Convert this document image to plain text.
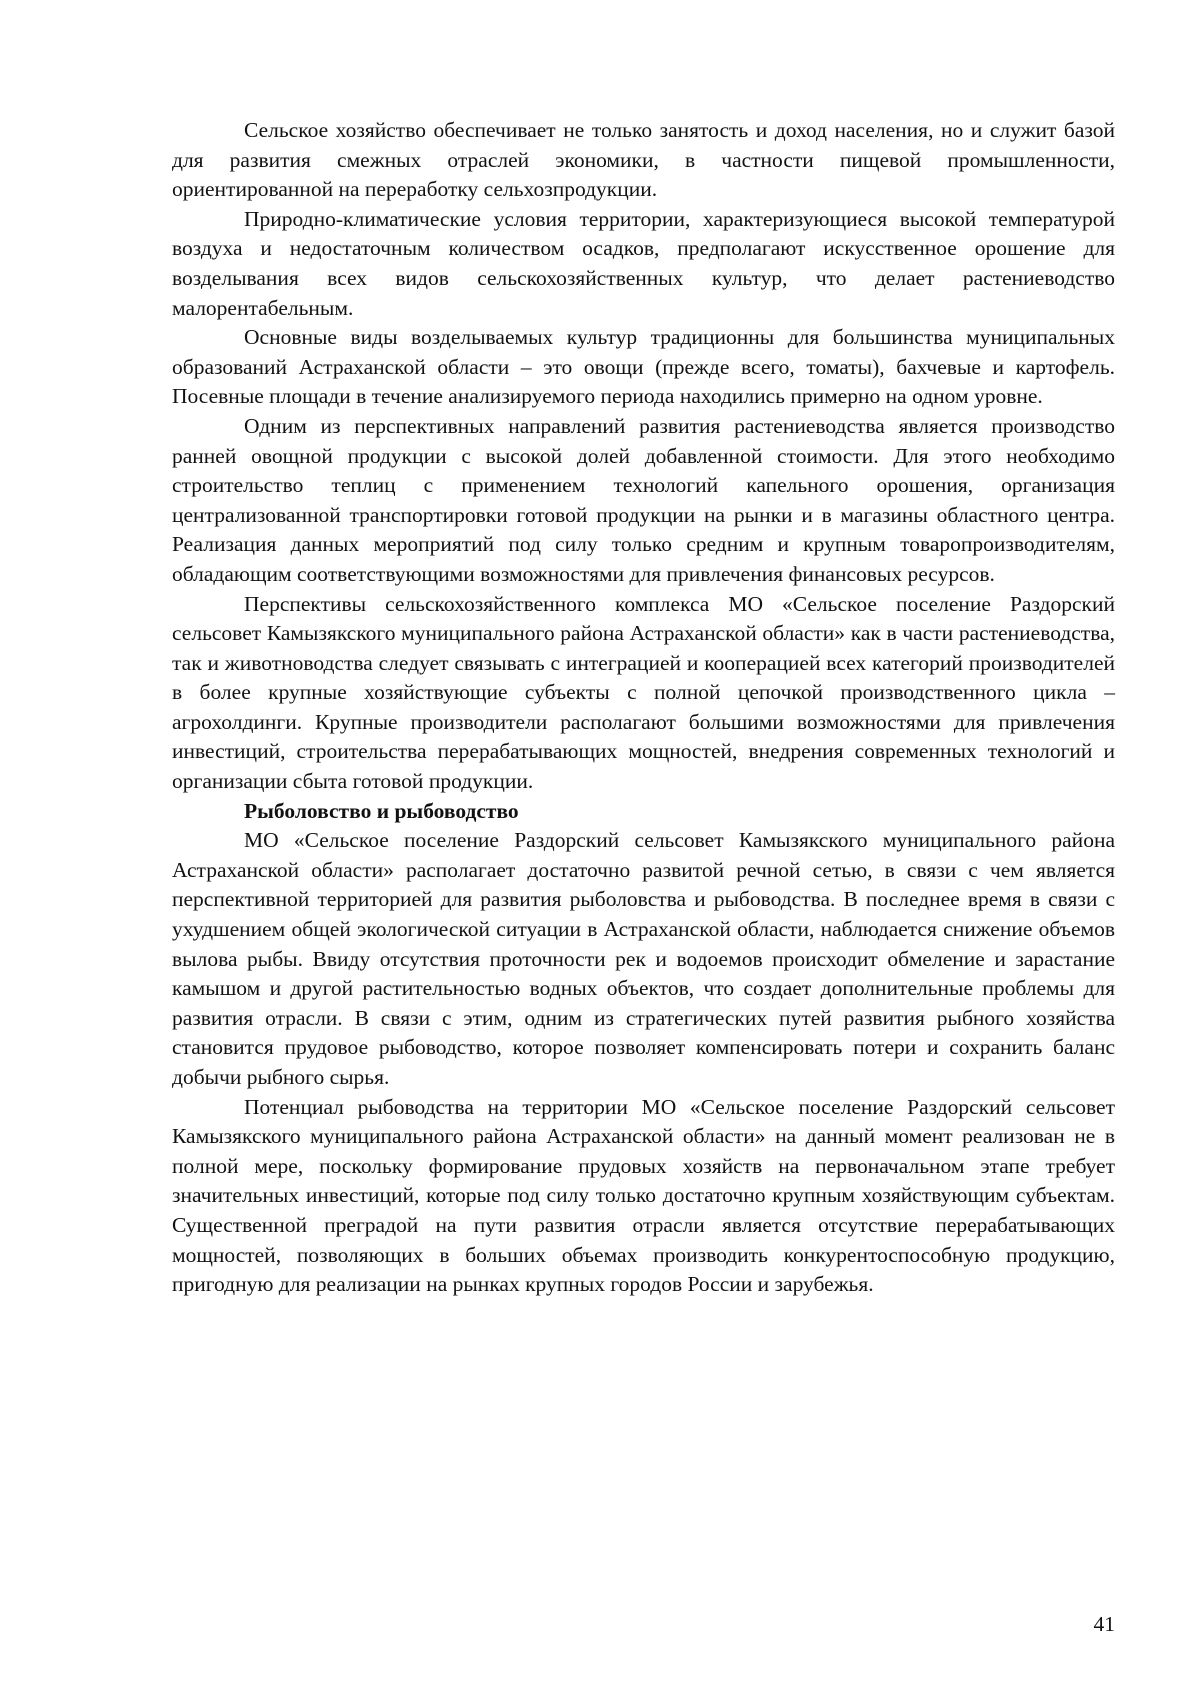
Сельское хозяйство обеспечивает не только занятость и доход населения, но и служит базой для развития смежных отраслей экономики, в частности пищевой промышленности, ориентированной на переработку сельхозпродукции.

Природно-климатические условия территории, характеризующиеся высокой температурой воздуха и недостаточным количеством осадков, предполагают искусственное орошение для возделывания всех видов сельскохозяйственных культур, что делает растениеводство малорентабельным.

Основные виды возделываемых культур традиционны для большинства муниципальных образований Астраханской области – это овощи (прежде всего, томаты), бахчевые и картофель. Посевные площади в течение анализируемого периода находились примерно на одном уровне.

Одним из перспективных направлений развития растениеводства является производство ранней овощной продукции с высокой долей добавленной стоимости. Для этого необходимо строительство теплиц с применением технологий капельного орошения, организация централизованной транспортировки готовой продукции на рынки и в магазины областного центра. Реализация данных мероприятий под силу только средним и крупным товаропроизводителям, обладающим соответствующими возможностями для привлечения финансовых ресурсов.

Перспективы сельскохозяйственного комплекса МО «Сельское поселение Раздорский сельсовет Камызякского муниципального района Астраханской области» как в части растениеводства, так и животноводства следует связывать с интеграцией и кооперацией всех категорий производителей в более крупные хозяйствующие субъекты с полной цепочкой производственного цикла – агрохолдинги. Крупные производители располагают большими возможностями для привлечения инвестиций, строительства перерабатывающих мощностей, внедрения современных технологий и организации сбыта готовой продукции.

Рыболовство и рыбоводство

МО «Сельское поселение Раздорский сельсовет Камызякского муниципального района Астраханской области» располагает достаточно развитой речной сетью, в связи с чем является перспективной территорией для развития рыболовства и рыбоводства. В последнее время в связи с ухудшением общей экологической ситуации в Астраханской области, наблюдается снижение объемов вылова рыбы. Ввиду отсутствия проточности рек и водоемов происходит обмеление и зарастание камышом и другой растительностью водных объектов, что создает дополнительные проблемы для развития отрасли. В связи с этим, одним из стратегических путей развития рыбного хозяйства становится прудовое рыбоводство, которое позволяет компенсировать потери и сохранить баланс добычи рыбного сырья.

Потенциал рыбоводства на территории МО «Сельское поселение Раздорский сельсовет Камызякского муниципального района Астраханской области» на данный момент реализован не в полной мере, поскольку формирование прудовых хозяйств на первоначальном этапе требует значительных инвестиций, которые под силу только достаточно крупным хозяйствующим субъектам. Существенной преградой на пути развития отрасли является отсутствие перерабатывающих мощностей, позволяющих в больших объемах производить конкурентоспособную продукцию, пригодную для реализации на рынках крупных городов России и зарубежья.

41
